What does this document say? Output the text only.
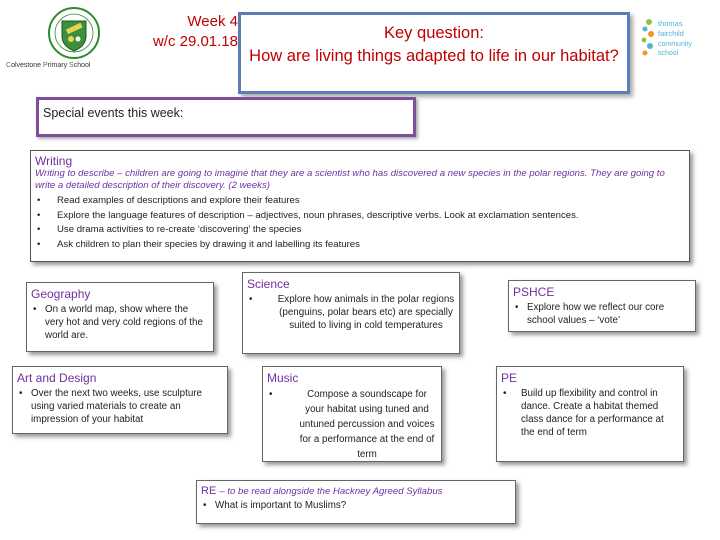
Colvestone Primary School
Week 4
w/c 29.01.18	Key question:
How are living things adapted to life in our habitat?
thomas
fairchild
community
school
Special events this week:
Writing
Writing to describe – children are going to imagine that they are a scientist who has discovered a new species in the polar regions. They are going to write a detailed description of their discovery. (2 weeks)
• Read examples of descriptions and explore their features
• Explore the language features of description – adjectives, noun phrases, descriptive verbs. Look at exclamation sentences.
• Use drama activities to re-create ‘discovering’ the species
• Ask children to plan their species by drawing it and labelling its features
Geography
• On a world map, show where the very hot and very cold regions of the world are.
Science
• Explore how animals in the polar regions (penguins, polar bears etc) are specially suited to living in cold temperatures
PSHCE
• Explore how we reflect our core school values – ‘vote’
Art and Design
• Over the next two weeks, use sculpture using varied materials to create an impression of your habitat
Music
• Compose a soundscape for your habitat using tuned and untuned percussion and voices for a performance at the end of term
PE
• Build up flexibility and control in dance. Create a habitat themed class dance for a performance at the end of term
RE – to be read alongside the Hackney Agreed Syllabus
• What is important to Muslims?
